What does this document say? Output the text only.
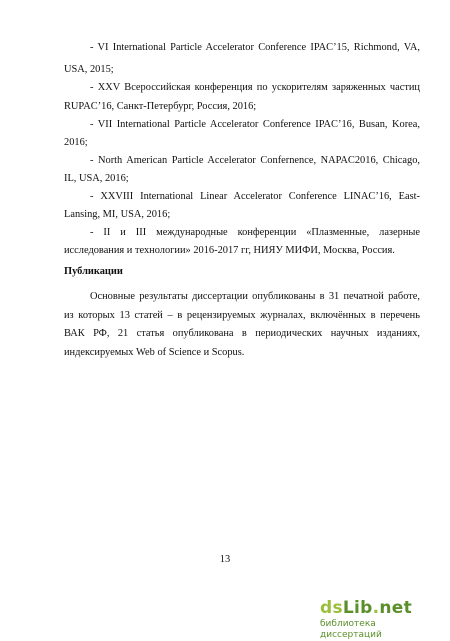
- VI International Particle Accelerator Conference IPAC’15, Richmond, VA,
USA, 2015;
- XXV Всероссийская конференция по ускорителям заряженных частиц
RUPAC’16, Санкт-Петербург, Россия, 2016;
- VII International Particle Accelerator Conference IPAC’16, Busan, Korea,
2016;
- North American Particle Accelerator Confernence, NAPAC2016, Chicago,
IL, USA, 2016;
- XXVIII International Linear Accelerator Conference LINAC’16, East-
Lansing, MI, USA, 2016;
- II и III международные конференции «Плазменные, лазерные
исследования и технологии» 2016-2017 гг, НИЯУ МИФИ, Москва, Россия.
Публикации
Основные результаты диссертации опубликованы в 31 печатной работе,
из которых 13 статей – в рецензируемых журналах, включённых в перечень
ВАК РФ, 21 статья опубликована в периодических научных изданиях,
индексируемых Web of Science и Scopus.
13
dsLib.net
библиотека диссертаций
